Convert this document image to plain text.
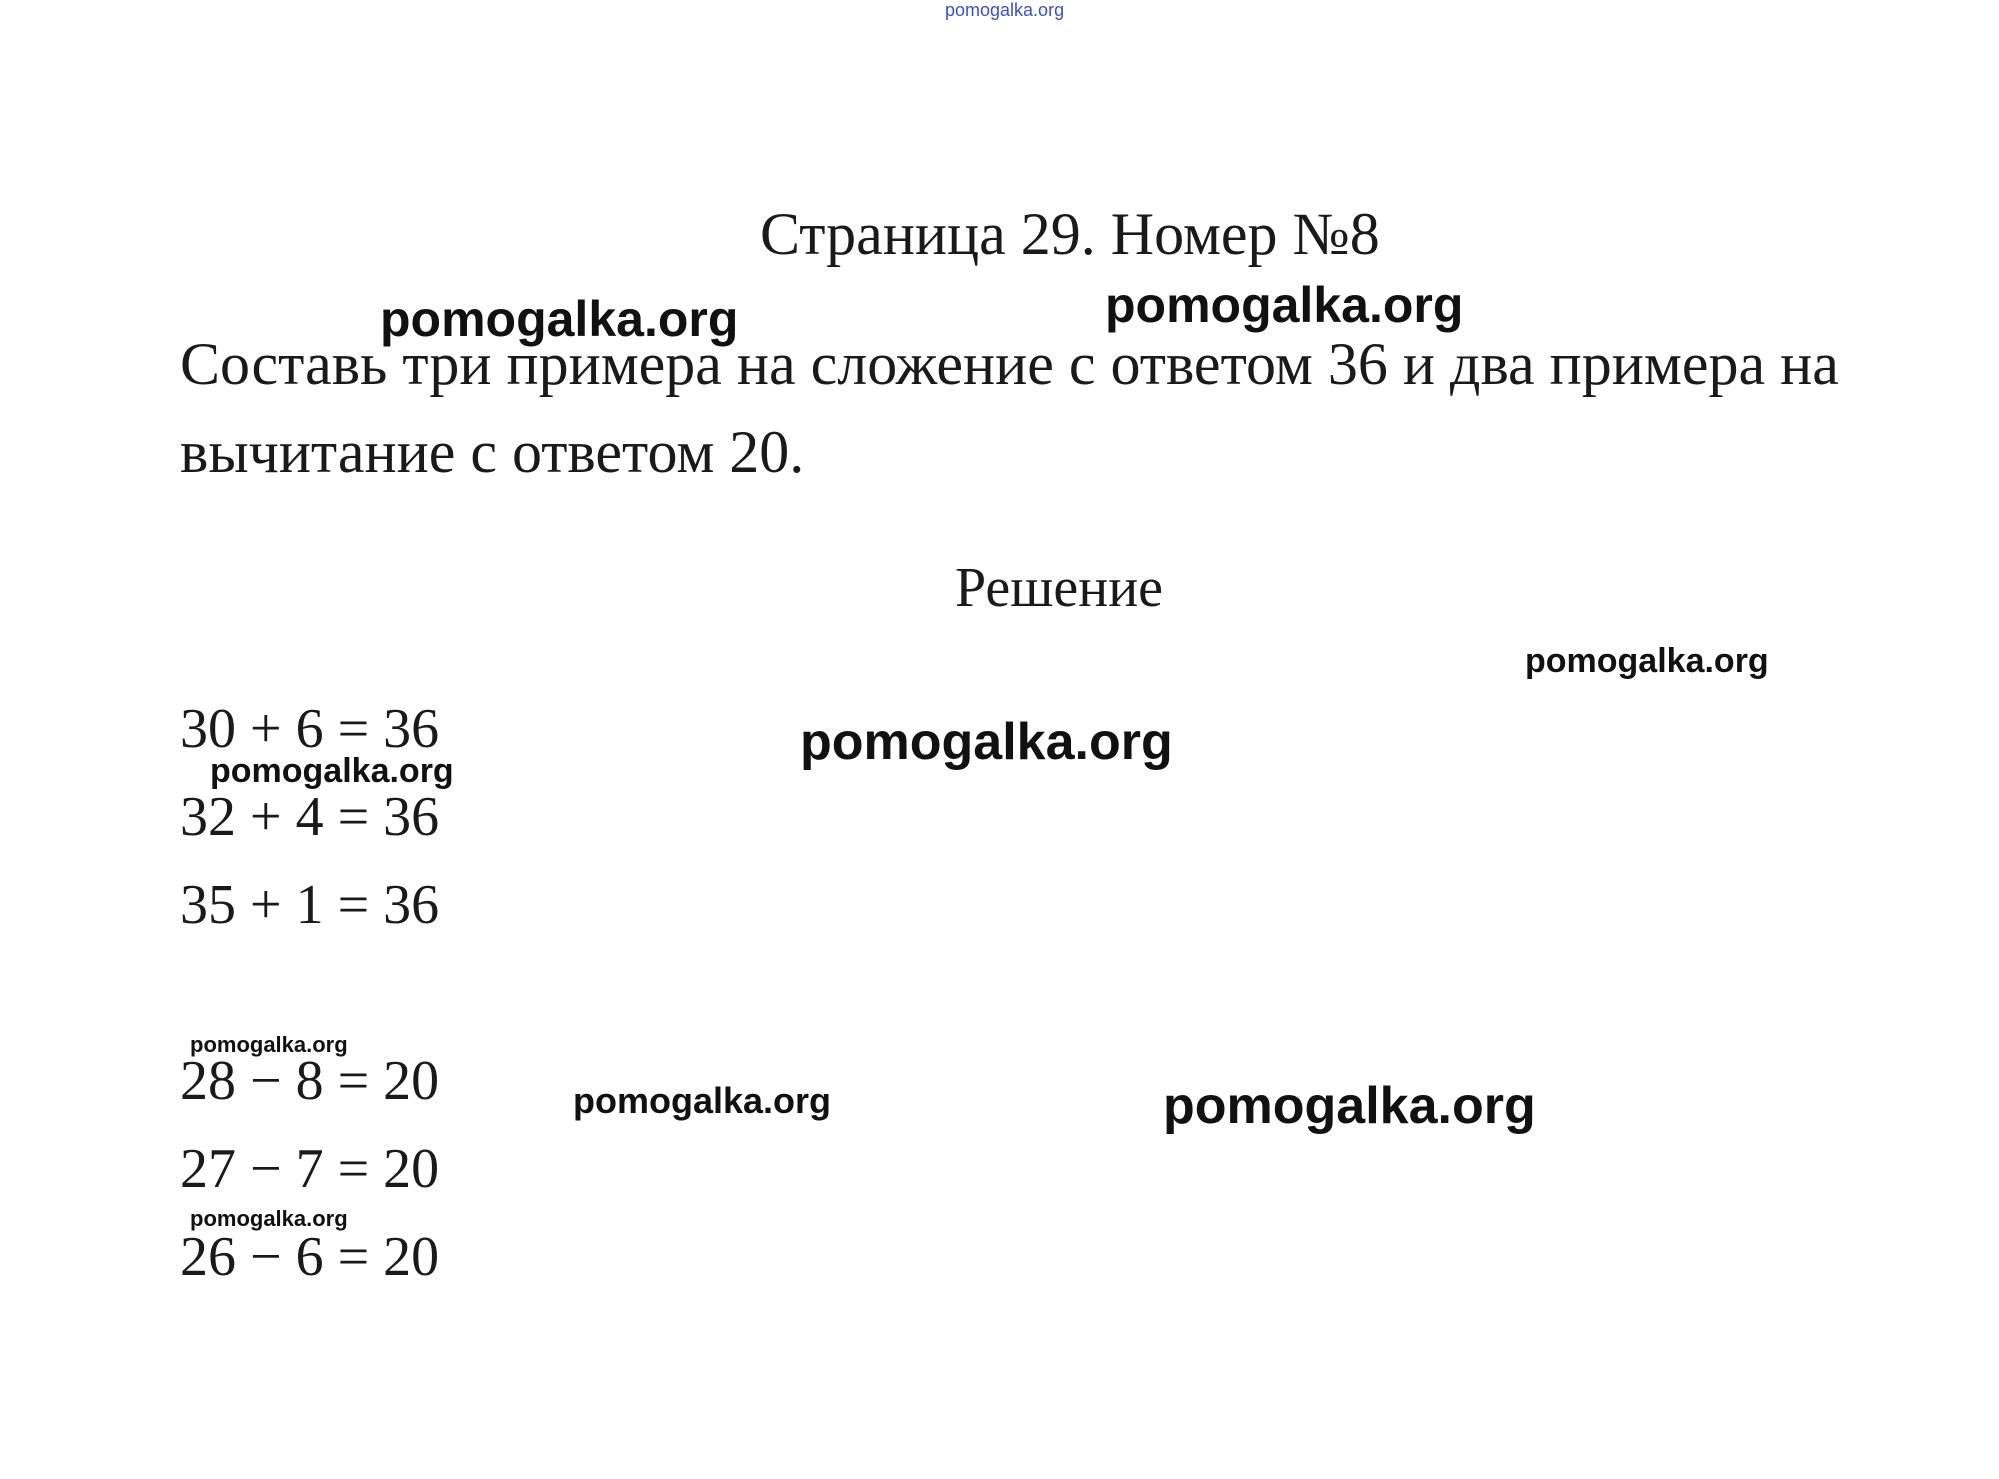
pomogalka.org
Страница 29. Номер №8
Составь три примера на сложение с ответом 36 и два примера на
вычитание с ответом 20.
Решение
30 + 6 = 36
32 + 4 = 36
35 + 1 = 36
28 − 8 = 20
27 − 7 = 20
26 − 6 = 20
pomogalka.org	pomogalka.org
pomogalka.org
pomogalka.org
pomogalka.org
pomogalka.org
pomogalka.org	pomogalka.org
pomogalka.org
